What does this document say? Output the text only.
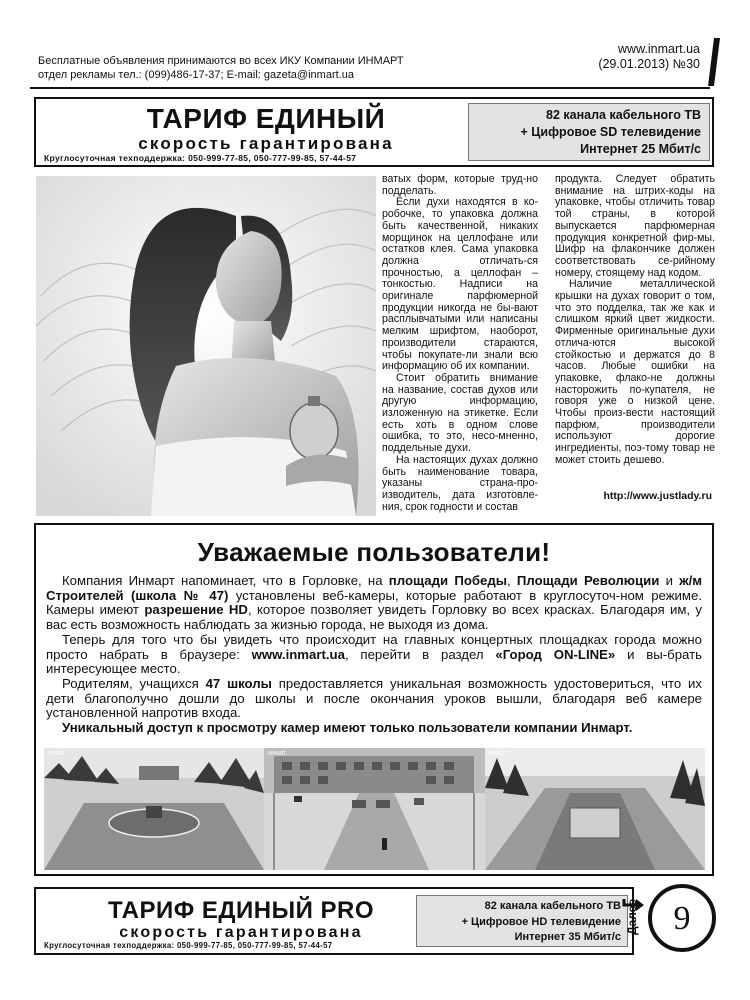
Бесплатные объявления принимаются во всех ИКУ Компании ИНМАРТ
отдел рекламы тел.: (099)486-17-37; E-mail: gazeta@inmart.ua
www.inmart.ua
(29.01.2013) №30
ТАРИФ ЕДИНЫЙ
скорость гарантирована
Круглосуточная техподдержка: 050-999-77-85, 050-777-99-85, 57-44-57
82 канала кабельного ТВ
+ Цифровое SD телевидение
Интернет 25 Мбит/с

ватых форм, которые труд-но подделать.

Если духи находятся в ко-робочке, то упаковка должна быть качественной, никаких морщинок на целлофане или остатков клея. Сама упаковка должна отличать-ся прочностью, а целлофан – тонкостью. Надписи на оригинале парфюмерной продукции никогда не бы-вают расплывчатыми или написаны мелким шрифтом, наоборот, производители стараются, чтобы покупате-ли знали всю информацию об их компании.

Стоит обратить внимание на название, состав духов или другую информацию, изложенную на этикетке. Если есть хоть в одном слове ошибка, то это, несо-мненно, поддельные духи.

На настоящих духах должно быть наименование товара, указаны страна-про-изводитель, дата изготовле-ния, срок годности и состав

продукта. Следует обратить внимание на штрих-коды на упаковке, чтобы отличить товар той страны, в которой выпускается парфюмерная продукция конкретной фир-мы. Шифр на флакончике должен соответствовать се-рийному номеру, стоящему над кодом.

Наличие металлической крышки на духах говорит о том, что это подделка, так же как и слишком яркий цвет жидкости. Фирменные оригинальные духи отлича-ются высокой стойкостью и держатся до 8 часов. Любые ошибки на упаковке, флако-не должны насторожить по-купателя, не говоря уже о низкой цене. Чтобы произ-вести настоящий парфюм, производители используют дорогие ингредиенты, поэ-тому товар не может стоить дешево.

http://www.justlady.ru
Уважаемые пользователи!

Компания Инмарт напоминает, что в Горловке, на площади Победы, Площади Революции и ж/м Строителей (школа № 47) установлены веб-камеры, которые работают в круглосуточ-ном режиме. Камеры имеют разрешение HD, которое позволяет увидеть Горловку во всех красках. Благодаря им, у вас есть возможность наблюдать за жизнью города, не выходя из дома.

Теперь для того что бы увидеть что происходит на главных концертных площадках города можно просто набрать в браузере: www.inmart.ua, перейти в раздел «Город ON-LINE» и вы-брать интересующее место.

Родителям, учащихся 47 школы предоставляется уникальная возможность удостовериться, что их дети благополучно дошли до школы и после окончания уроков вышли, благодаря веб камере установленной напротив входа.

Уникальный доступ к просмотру камер имеют только пользователи компании Инмарт.

INMART	INMART	INMART
ТАРИФ ЕДИНЫЙ PRO
скорость гарантирована
Круглосуточная техподдержка: 050-999-77-85, 050-777-99-85, 57-44-57
82 канала кабельного ТВ
+ Цифровое HD телевидение
Интернет 35 Мбит/с
Далее	9
